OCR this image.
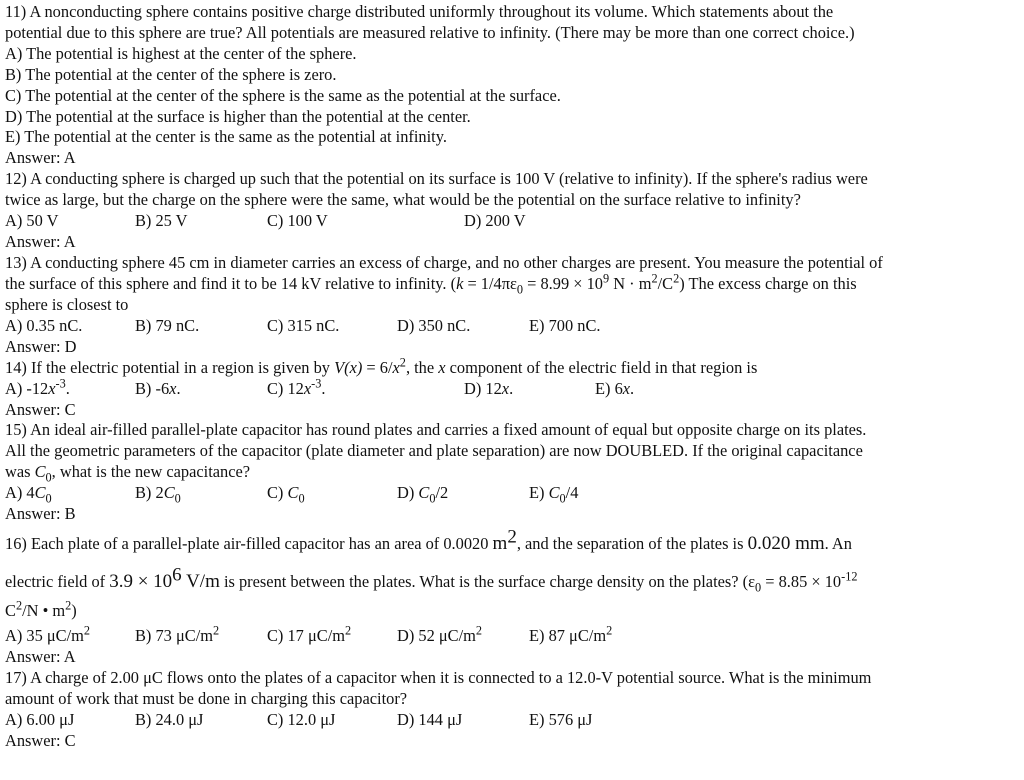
11) A nonconducting sphere contains positive charge distributed uniformly throughout its volume. Which statements about the
potential due to this sphere are true? All potentials are measured relative to infinity. (There may be more than one correct choice.)
A) The potential is highest at the center of the sphere.
B) The potential at the center of the sphere is zero.
C) The potential at the center of the sphere is the same as the potential at the surface.
D) The potential at the surface is higher than the potential at the center.
E) The potential at the center is the same as the potential at infinity.
Answer: A
12) A conducting sphere is charged up such that the potential on its surface is 100 V (relative to infinity). If the sphere's radius were
twice as large, but the charge on the sphere were the same, what would be the potential on the surface relative to infinity?
A) 50 V	B) 25 V	C) 100 V	D) 200 V
Answer: A
13) A conducting sphere 45 cm in diameter carries an excess of charge, and no other charges are present. You measure the potential of
the surface of this sphere and find it to be 14 kV relative to infinity. ($k = 1/4\pi\varepsilon_0 = 8.99 \times 10^9$ $N \cdot m^2/C^2$) The excess charge on this
sphere is closest to
A) 0.35 nC.	B) 79 nC.	C) 315 nC.	D) 350 nC.	E) 700 nC.
Answer: D
14) If the electric potential in a region is given by $V(x) = 6/x^2$, the x component of the electric field in that region is
A) $-12x^{-3}$.	B) -6x.	C) $12x^{-3}$.	D) 12x.	E) 6x.
Answer: C
15) An ideal air-filled parallel-plate capacitor has round plates and carries a fixed amount of equal but opposite charge on its plates.
All the geometric parameters of the capacitor (plate diameter and plate separation) are now DOUBLED. If the original capacitance
was $C_0$, what is the new capacitance?
A) $4C_0$	B) $2C_0$	C) $C_0$	D) $C_0/2$	E) $C_0/4$
Answer: B
16) Each plate of a parallel-plate air-filled capacitor has an area of 0.0020 $m^2$, and the separation of the plates is 0.020 mm. An
electric field of $3.9 \times 10^6$ V/m is present between the plates. What is the surface charge density on the plates? ($\varepsilon_0 = 8.85 \times 10^{-12}$
$C^2/N$ • $m^2$)
A) 35 $\mu C/m^2$	B) 73 $\mu C/m^2$	C) 17 $\mu C/m^2$	D) 52 $\mu C/m^2$	E) 87 $\mu C/m^2$
Answer: A
17) A charge of 2.00 μC flows onto the plates of a capacitor when it is connected to a 12.0-V potential source. What is the minimum
amount of work that must be done in charging this capacitor?
A) 6.00 μJ	B) 24.0 μJ	C) 12.0 μJ	D) 144 μJ	E) 576 μJ
Answer: C
